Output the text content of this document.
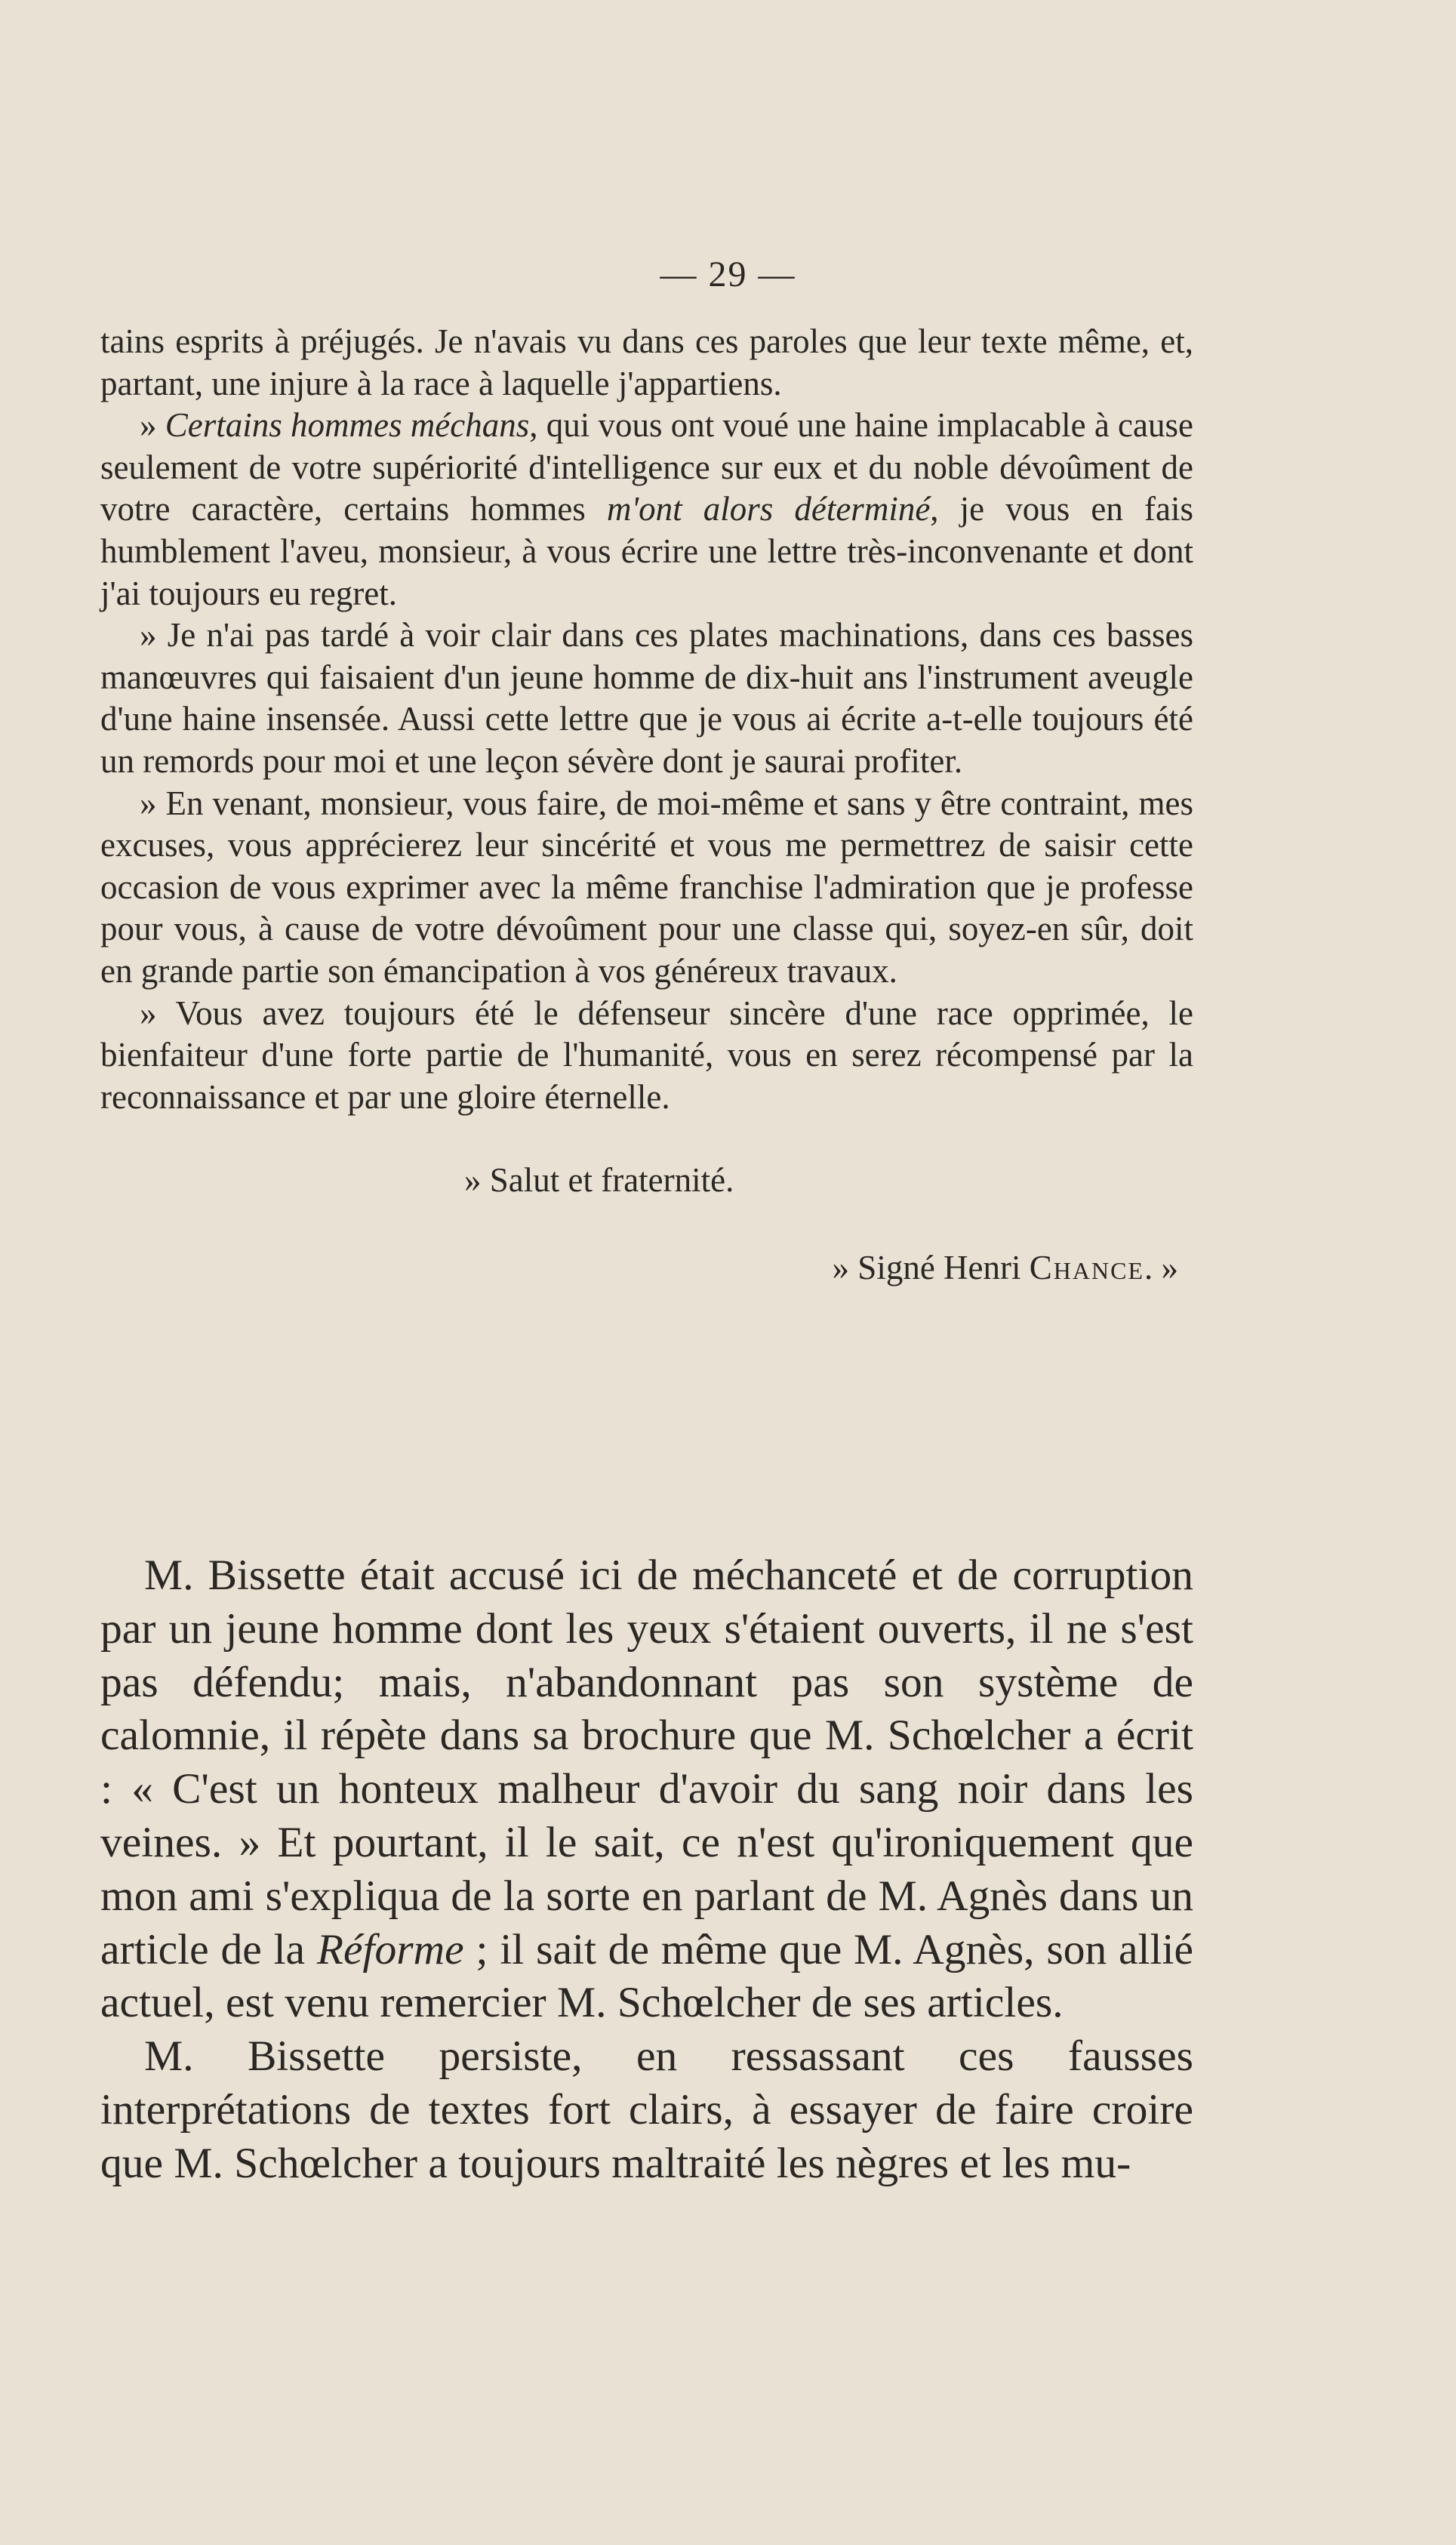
— 29 —

tains esprits à préjugés. Je n'avais vu dans ces paroles que leur texte même, et, partant, une injure à la race à laquelle j'appartiens.

» Certains hommes méchans, qui vous ont voué une haine implacable à cause seulement de votre supériorité d'intelligence sur eux et du noble dévoûment de votre caractère, certains hommes m'ont alors déterminé, je vous en fais humblement l'aveu, monsieur, à vous écrire une lettre très-inconvenante et dont j'ai toujours eu regret.

» Je n'ai pas tardé à voir clair dans ces plates machinations, dans ces basses manœuvres qui faisaient d'un jeune homme de dix-huit ans l'instrument aveugle d'une haine insensée. Aussi cette lettre que je vous ai écrite a-t-elle toujours été un remords pour moi et une leçon sévère dont je saurai profiter.

» En venant, monsieur, vous faire, de moi-même et sans y être contraint, mes excuses, vous apprécierez leur sincérité et vous me permettrez de saisir cette occasion de vous exprimer avec la même franchise l'admiration que je professe pour vous, à cause de votre dévoûment pour une classe qui, soyez-en sûr, doit en grande partie son émancipation à vos généreux travaux.

» Vous avez toujours été le défenseur sincère d'une race opprimée, le bienfaiteur d'une forte partie de l'humanité, vous en serez récompensé par la reconnaissance et par une gloire éternelle.

» Salut et fraternité.

» Signé Henri Chance. »

M. Bissette était accusé ici de méchanceté et de corruption par un jeune homme dont les yeux s'étaient ouverts, il ne s'est pas défendu; mais, n'abandonnant pas son système de calomnie, il répète dans sa brochure que M. Schœlcher a écrit : « C'est un honteux malheur d'avoir du sang noir dans les veines. » Et pourtant, il le sait, ce n'est qu'ironiquement que mon ami s'expliqua de la sorte en parlant de M. Agnès dans un article de la Réforme ; il sait de même que M. Agnès, son allié actuel, est venu remercier M. Schœlcher de ses articles.

M. Bissette persiste, en ressassant ces fausses interprétations de textes fort clairs, à essayer de faire croire que M. Schœlcher a toujours maltraité les nègres et les mu-
